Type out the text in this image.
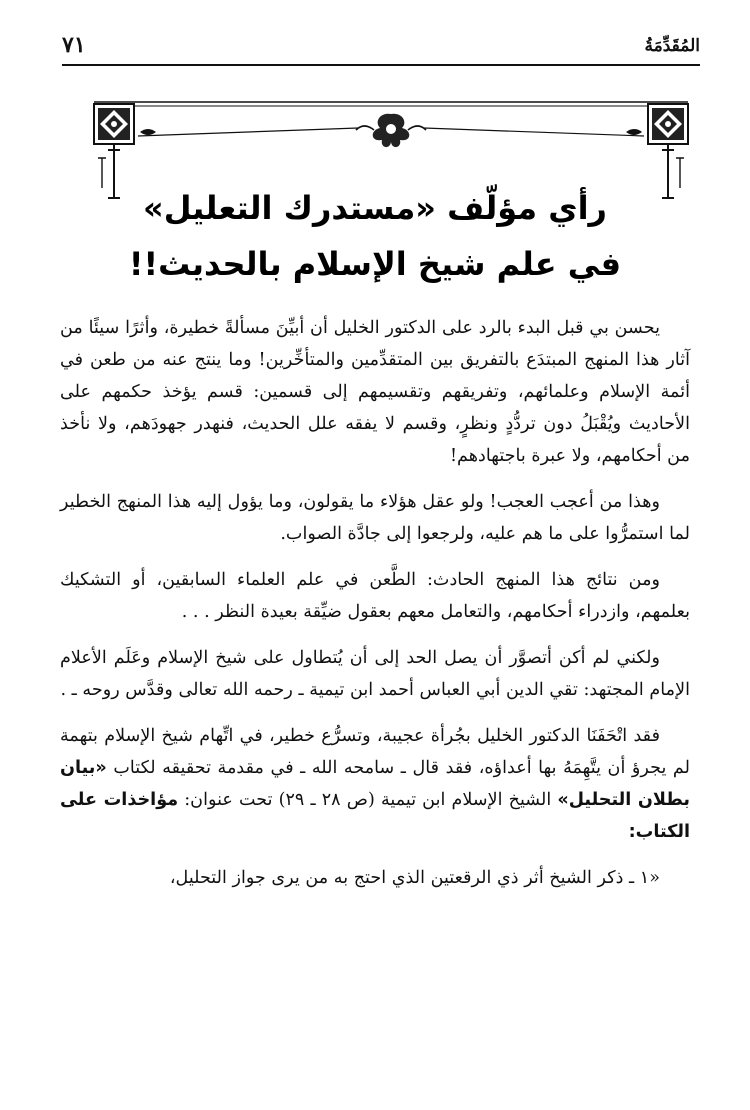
المُقَدِّمَةُ
٧١
رأي مؤلّف «مستدرك التعليل»
في علم شيخ الإسلام بالحديث!!

يحسن بي قبل البدء بالرد على الدكتور الخليل أن أبيِّنَ مسألةً خطيرة، وأثرًا سيئًا من آثار هذا المنهج المبتدَع بالتفريق بين المتقدِّمين والمتأخِّرين! وما ينتج عنه من طعن في أئمة الإسلام وعلمائهم، وتفريقهم وتقسيمهم إلى قسمين: قسم يؤخذ حكمهم على الأحاديث ويُقْبَلُ دون تردُّدٍ ونظرٍ، وقسم لا يفقه علل الحديث، فنهدر جهودَهم، ولا نأخذ من أحكامهم، ولا عبرة باجتهادهم!

وهذا من أعجب العجب! ولو عقل هؤلاء ما يقولون، وما يؤول إليه هذا المنهج الخطير لما استمرُّوا على ما هم عليه، ولرجعوا إلى جادَّة الصواب.

ومن نتائج هذا المنهج الحادث: الطَّعن في علم العلماء السابقين، أو التشكيك بعلمهم، وازدراء أحكامهم، والتعامل معهم بعقول ضيِّقة بعيدة النظر . . .

ولكني لم أكن أتصوَّر أن يصل الحد إلى أن يُتطاول على شيخ الإسلام وعَلَم الأعلام الإمام المجتهد: تقي الدين أبي العباس أحمد ابن تيمية ـ رحمه الله تعالى وقدَّس روحه ـ .

فقد اتْحَفَنَا الدكتور الخليل بجُرأة عجيبة، وتسرُّع خطير، في اتِّهام شيخ الإسلام بتهمة لم يجرؤ أن يتَّهِمَهُ بها أعداؤه، فقد قال ـ سامحه الله ـ في مقدمة تحقيقه لكتاب «بيان بطلان التحليل» الشيخ الإسلام ابن تيمية (ص ٢٨ ـ ٢٩) تحت عنوان: مؤاخذات على الكتاب:

«١ ـ ذكر الشيخ أثر ذي الرقعتين الذي احتج به من يرى جواز التحليل،
